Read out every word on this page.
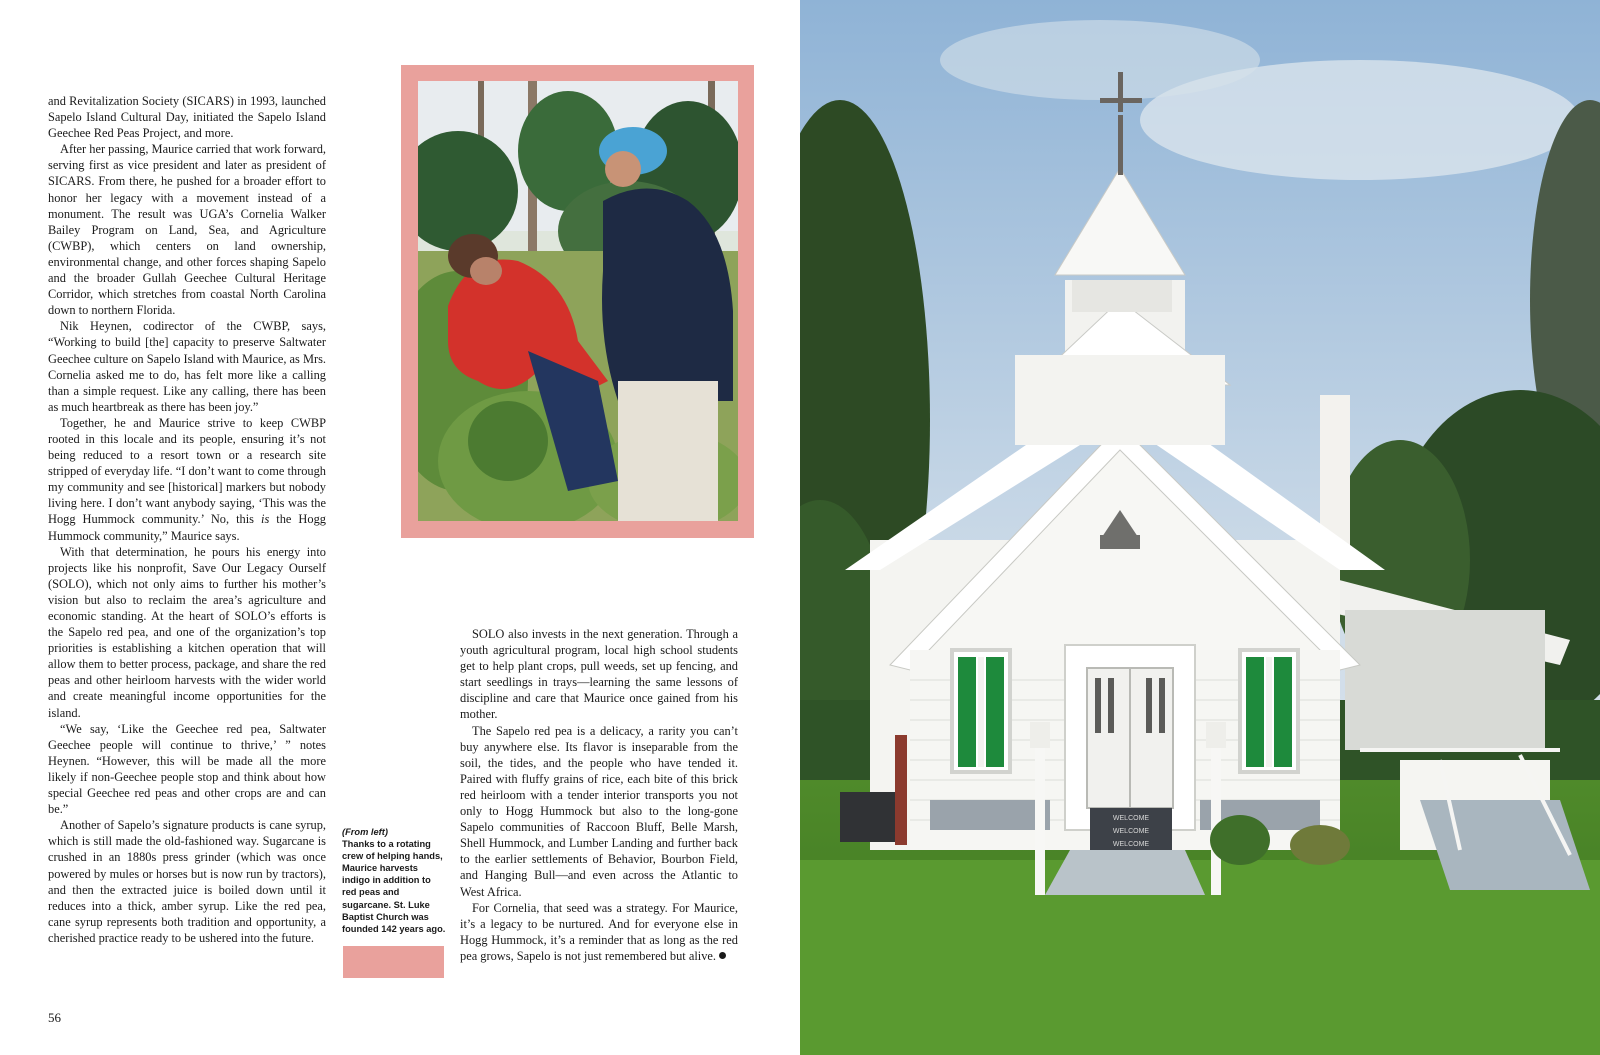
and Revitalization Society (SICARS) in 1993, launched Sapelo Island Cultural Day, initiated the Sapelo Island Geechee Red Peas Project, and more.

After her passing, Maurice carried that work forward, serving first as vice president and later as president of SICARS. From there, he pushed for a broader effort to honor her legacy with a movement instead of a monument. The result was UGA’s Cornelia Walker Bailey Program on Land, Sea, and Agriculture (CWBP), which centers on land ownership, environmental change, and other forces shaping Sapelo and the broader Gullah Geechee Cultural Heritage Corridor, which stretches from coastal North Carolina down to northern Florida.

Nik Heynen, codirector of the CWBP, says, “Working to build [the] capacity to preserve Saltwater Geechee culture on Sapelo Island with Maurice, as Mrs. Cornelia asked me to do, has felt more like a calling than a simple request. Like any calling, there has been as much heartbreak as there has been joy.”

Together, he and Maurice strive to keep CWBP rooted in this locale and its people, ensuring it’s not being reduced to a resort town or a research site stripped of everyday life. “I don’t want to come through my community and see [historical] markers but nobody living here. I don’t want anybody saying, ‘This was the Hogg Hummock community.’ No, this is the Hogg Hummock community,” Maurice says.

With that determination, he pours his energy into projects like his nonprofit, Save Our Legacy Ourself (SOLO), which not only aims to further his mother’s vision but also to reclaim the area’s agriculture and economic standing. At the heart of SOLO’s efforts is the Sapelo red pea, and one of the organization’s top priorities is establishing a kitchen operation that will allow them to better process, package, and share the red peas and other heirloom harvests with the wider world and create meaningful income opportunities for the island.

“We say, ‘Like the Geechee red pea, Saltwater Geechee people will continue to thrive,’ ” notes Heynen. “However, this will be made all the more likely if non-Geechee people stop and think about how special Geechee red peas and other crops are and can be.”

Another of Sapelo’s signature products is cane syrup, which is still made the old-fashioned way. Sugarcane is crushed in an 1880s press grinder (which was once powered by mules or horses but is now run by tractors), and then the extracted juice is boiled down until it reduces into a thick, amber syrup. Like the red pea, cane syrup represents both tradition and opportunity, a cherished practice ready to be ushered into the future.

(From left)
Thanks to a rotating crew of helping hands, Maurice harvests indigo in addition to red peas and sugarcane. St. Luke Baptist Church was founded 142 years ago.

SOLO also invests in the next generation. Through a youth agricultural program, local high school students get to help plant crops, pull weeds, set up fencing, and start seedlings in trays—learning the same lessons of discipline and care that Maurice once gained from his mother.

The Sapelo red pea is a delicacy, a rarity you can’t buy anywhere else. Its flavor is inseparable from the soil, the tides, and the people who have tended it. Paired with fluffy grains of rice, each bite of this brick red heirloom with a tender interior transports you not only to Hogg Hummock but also to the long-gone Sapelo communities of Raccoon Bluff, Belle Marsh, Shell Hummock, and Lumber Landing and further back to the earlier settlements of Behavior, Bourbon Field, and Hanging Bull—and even across the Atlantic to West Africa.

For Cornelia, that seed was a strategy. For Maurice, it’s a legacy to be nurtured. And for everyone else in Hogg Hummock, it’s a reminder that as long as the red pea grows, Sapelo is not just remembered but alive.

56
WELCOME
WELCOME
WELCOME
